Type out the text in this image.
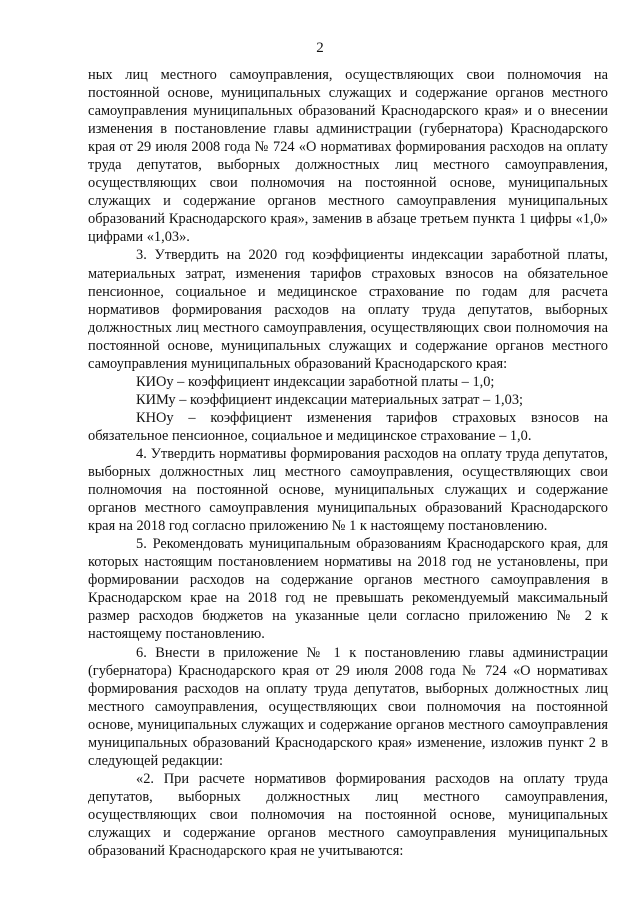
2

ных лиц местного самоуправления, осуществляющих свои полномочия на постоянной основе, муниципальных служащих и содержание органов местного самоуправления муниципальных образований Краснодарского края» и о внесении изменения в постановление главы администрации (губернатора) Краснодарского края от 29 июля 2008 года № 724 «О нормативах формирования расходов на оплату труда депутатов, выборных должностных лиц местного самоуправления, осуществляющих свои полномочия на постоянной основе, муниципальных служащих и содержание органов местного самоуправления муниципальных образований Краснодарского края», заменив в абзаце третьем пункта 1 цифры «1,0» цифрами «1,03».

3. Утвердить на 2020 год коэффициенты индексации заработной платы, материальных затрат, изменения тарифов страховых взносов на обязательное пенсионное, социальное и медицинское страхование по годам для расчета нормативов формирования расходов на оплату труда депутатов, выборных должностных лиц местного самоуправления, осуществляющих свои полномочия на постоянной основе, муниципальных служащих и содержание органов местного самоуправления муниципальных образований Краснодарского края:

КИОу – коэффициент индексации заработной платы – 1,0;

КИМу – коэффициент индексации материальных затрат – 1,03;

КНОу – коэффициент изменения тарифов страховых взносов на обязательное пенсионное, социальное и медицинское страхование – 1,0.

4. Утвердить нормативы формирования расходов на оплату труда депутатов, выборных должностных лиц местного самоуправления, осуществляющих свои полномочия на постоянной основе, муниципальных служащих и содержание органов местного самоуправления муниципальных образований Краснодарского края на 2018 год согласно приложению № 1 к настоящему постановлению.

5. Рекомендовать муниципальным образованиям Краснодарского края, для которых настоящим постановлением нормативы на 2018 год не установлены, при формировании расходов на содержание органов местного самоуправления в Краснодарском крае на 2018 год не превышать рекомендуемый максимальный размер расходов бюджетов на указанные цели согласно приложению № 2 к настоящему постановлению.

6. Внести в приложение № 1 к постановлению главы администрации (губернатора) Краснодарского края от 29 июля 2008 года № 724 «О нормативах формирования расходов на оплату труда депутатов, выборных должностных лиц местного самоуправления, осуществляющих свои полномочия на постоянной основе, муниципальных служащих и содержание органов местного самоуправления муниципальных образований Краснодарского края» изменение, изложив пункт 2 в следующей редакции:

«2. При расчете нормативов формирования расходов на оплату труда депутатов, выборных должностных лиц местного самоуправления, осуществляющих свои полномочия на постоянной основе, муниципальных служащих и содержание органов местного самоуправления муниципальных образований Краснодарского края не учитываются:
